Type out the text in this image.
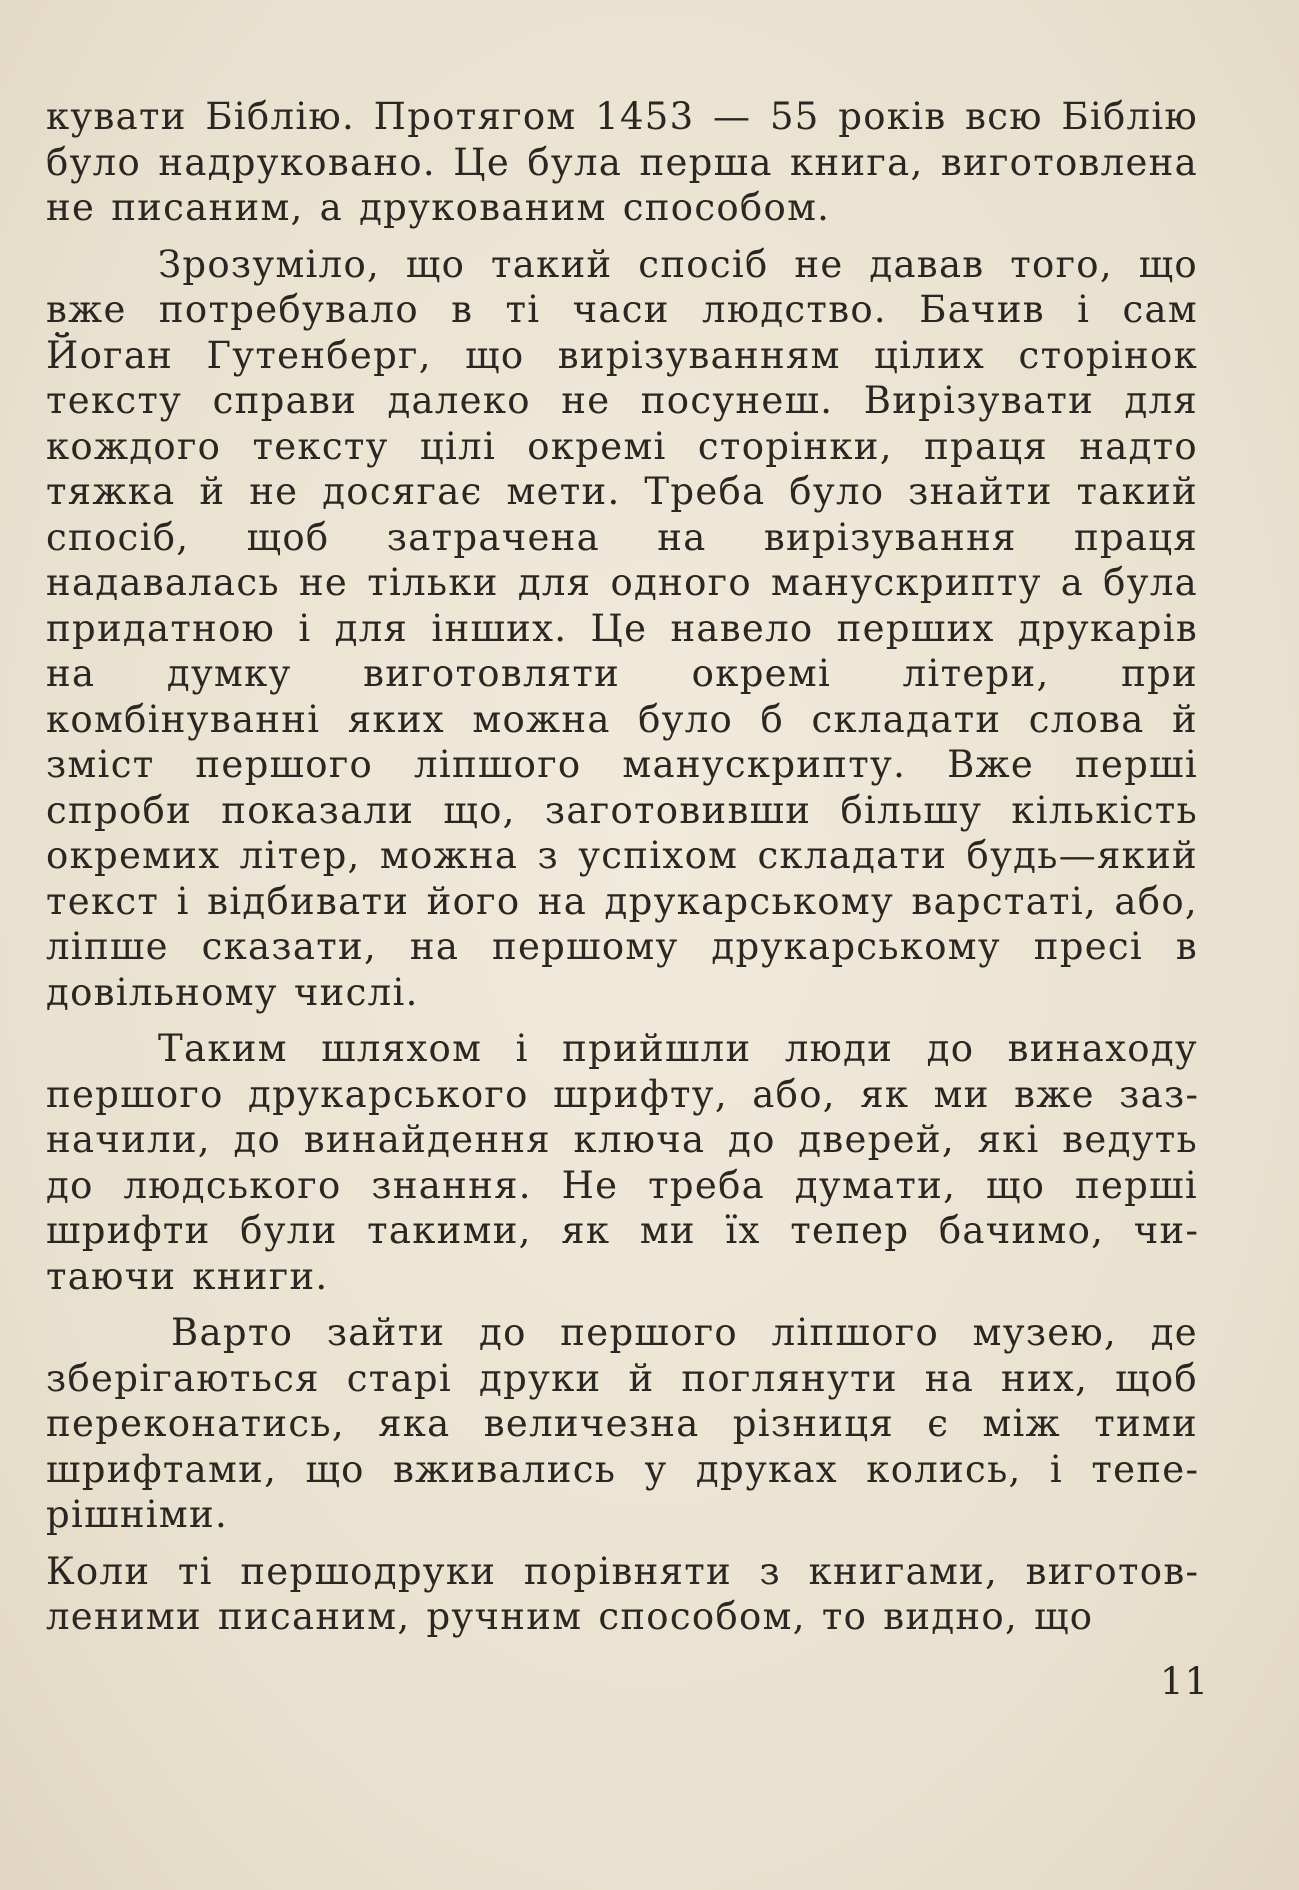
кувати Біблію. Протягом 1453 — 55 років всю Біблію було надруковано. Це була перша книга, виготовлена не писаним, а друкованим способом.

Зрозуміло, що такий спосіб не давав того, що вже потребувало в ті часи людство. Бачив і сам Йоган Гутенберг, що вирізуванням цілих сторінок тексту справи далеко не посунеш. Вирізувати для кождого тексту цілі окремі сторінки, праця надто тяжка й не досягає мети. Треба було знайти такий спосіб, щоб затрачена на вирізування праця надавалась не тільки для одного манускрипту а була придатною і для інших. Це навело перших друкарів на думку виготовляти окремі літери, при комбінуванні яких можна було б складати слова й зміст першого ліпшого манускрипту. Вже перші спроби показали що, заготовивши більшу кількість окремих літер, можна з успіхом складати будь—який текст і відбивати його на друкарському варстаті, або, ліпше сказати, на першому друкарському пресі в довільному числі.

Таким шляхом і прийшли люди до винаходу першого друкарського шрифту, або, як ми вже зазначили, до винайдення ключа до дверей, які ведуть до людського знання. Не треба думати, що перші шрифти були такими, як ми їх тепер бачимо, читаючи книги.

Варто зайти до першого ліпшого музею, де зберігаються старі друки й поглянути на них, щоб переконатись, яка величезна різниця є між тими шрифтами, що вживались у друках колись, і теперішніми.

Коли ті першодруки порівняти з книгами, виготовленими писаним, ручним способом, то видно, що

11
